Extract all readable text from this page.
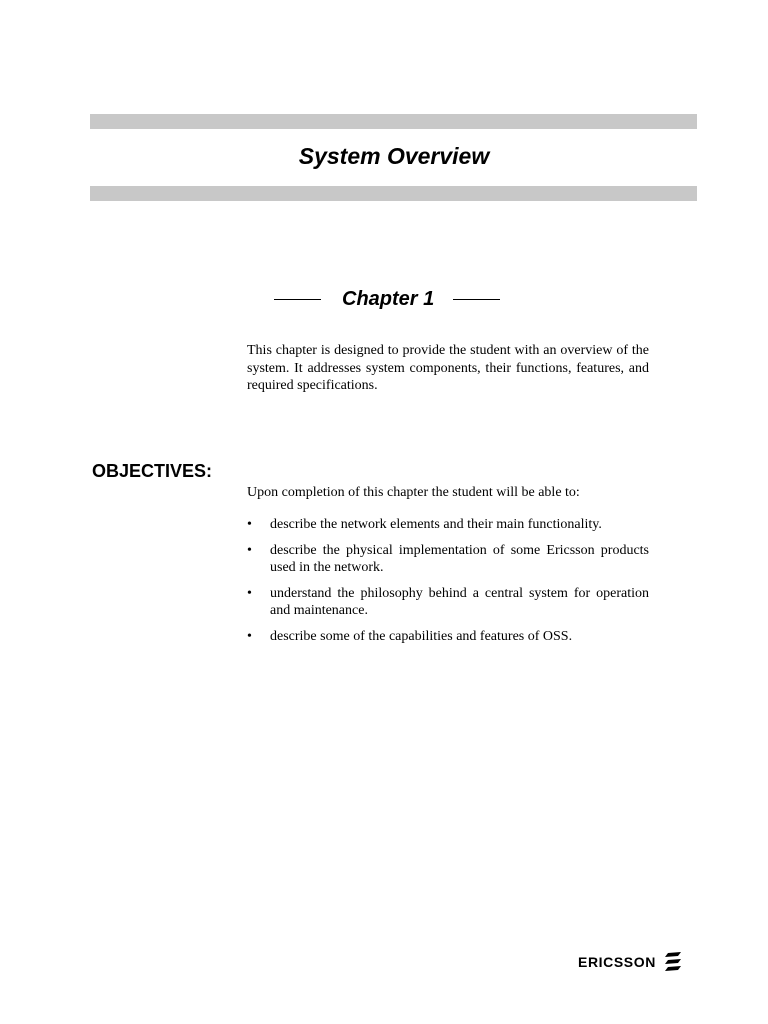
System Overview
Chapter 1

This chapter is designed to provide the student with an overview of the system. It addresses system components, their functions, features, and required specifications.

OBJECTIVES:

Upon completion of this chapter the student will be able to:

• describe the network elements and their main functionality.
• describe the physical implementation of some Ericsson products used in the network.
• understand the philosophy behind a central system for operation and maintenance.
• describe some of the capabilities and features of OSS.
ERICSSON
